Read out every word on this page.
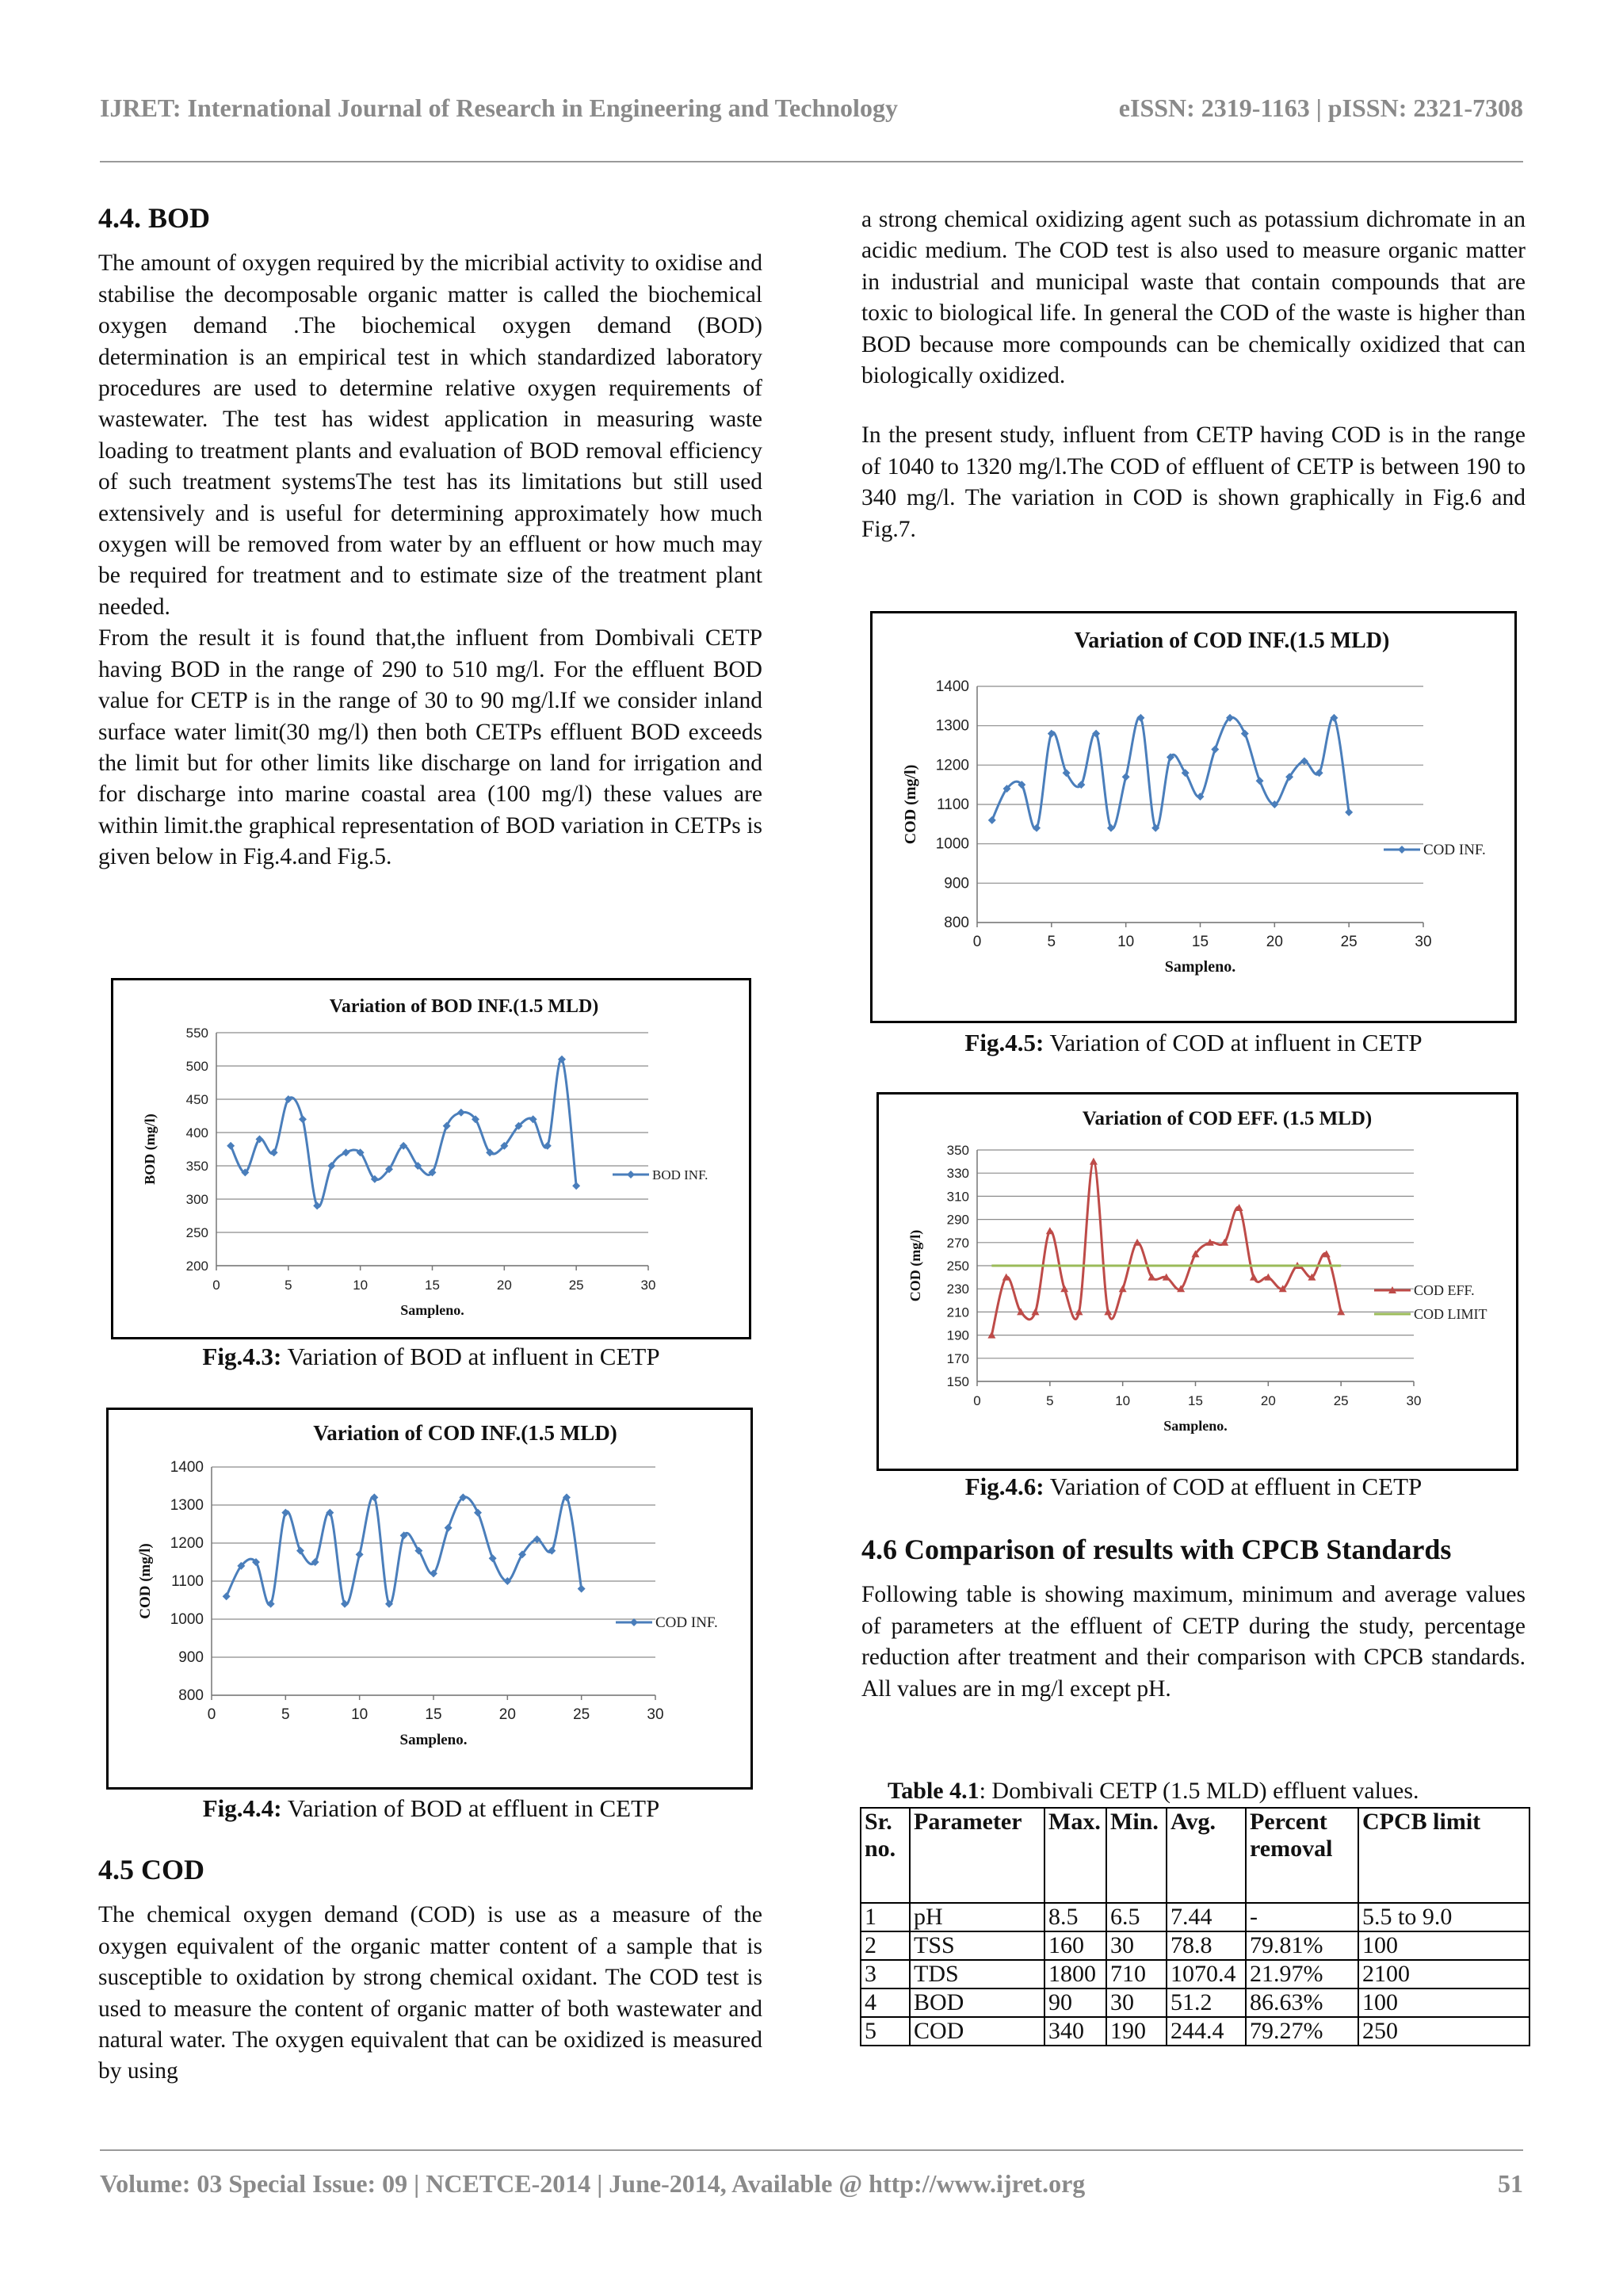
IJRET: International Journal of Research in Engineering and Technology	eISSN: 2319-1163 | pISSN: 2321-7308
4.4. BOD

The amount of oxygen required by the micribial activity to oxidise and stabilise the decomposable organic matter is called the biochemical oxygen demand .The biochemical oxygen demand (BOD) determination is an empirical test in which standardized laboratory procedures are used to determine relative oxygen requirements of wastewater. The test has widest application in measuring waste loading to treatment plants and evaluation of BOD removal efficiency of such treatment systemsThe test has its limitations but still used extensively and is useful for determining approximately how much oxygen will be removed from water by an effluent or how much may be required for treatment and to estimate size of the treatment plant needed.

From the result it is found that,the influent from Dombivali CETP having BOD in the range of 290 to 510 mg/l. For the effluent BOD value for CETP is in the range of 30 to 90 mg/l.If we consider inland surface water limit(30 mg/l) then both CETPs effluent BOD exceeds the limit but for other limits like discharge on land for irrigation and for discharge into marine coastal area (100 mg/l) these values are within limit.the graphical representation of BOD variation in CETPs is given below in Fig.4.and Fig.5.

Variation of BOD INF.(1.5 MLD)
200
250
300
350
400
450
500
550
0	5	10	15	20	25	30
Sampleno.
BOD (mg/l)	BOD INF.
Fig.4.3: Variation of BOD at influent in CETP
Variation of COD INF.(1.5 MLD)
800
900
1000
1100
1200
1300
1400
0	5	10	15	20	25	30
Sampleno.
COD (mg/l)
COD INF.
Fig.4.4: Variation of BOD at effluent in CETP
4.5 COD

The chemical oxygen demand (COD) is use as a measure of the oxygen equivalent of the organic matter content of a sample that is susceptible to oxidation by strong chemical oxidant. The COD test is used to measure the content of organic matter of both wastewater and natural water. The oxygen equivalent that can be oxidized is measured by using

a strong chemical oxidizing agent such as potassium dichromate in an acidic medium. The COD test is also used to measure organic matter in industrial and municipal waste that contain compounds that are toxic to biological life. In general the COD of the waste is higher than BOD because more compounds can be chemically oxidized that can biologically oxidized.

In the present study, influent from CETP having COD is in the range of 1040 to 1320 mg/l.The COD of effluent of CETP is between 190 to 340 mg/l. The variation in COD is shown graphically in Fig.6 and Fig.7.

Variation of COD INF.(1.5 MLD)
800
900
1000
1100
1200
1300
1400
0	5	10	15	20	25	30
Sampleno.
COD (mg/l)
COD INF.
Fig.4.5: Variation of COD at influent in CETP
Variation of COD EFF. (1.5 MLD)
150
170
190
210
230
250
270
290
310
330
350
0	5	10	15	20	25	30
Sampleno.
COD (mg/l)	COD EFF.
COD LIMIT
Fig.4.6: Variation of COD at effluent in CETP
4.6 Comparison of results with CPCB Standards

Following table is showing maximum, minimum and average values of parameters at the effluent of CETP during the study, percentage reduction after treatment and their comparison with CPCB standards. All values are in mg/l except pH.

Table 4.1: Dombivali CETP (1.5 MLD) effluent values.
Sr. no.	Parameter	Max.	Min.	Avg.	Percent removal	CPCB limit
1	pH	8.5	6.5	7.44	-	5.5 to 9.0
2	TSS	160	30	78.8	79.81%	100
3	TDS	1800	710	1070.4	21.97%	2100
4	BOD	90	30	51.2	86.63%	100
5	COD	340	190	244.4	79.27%	250
Volume: 03 Special Issue: 09 | NCETCE-2014 | June-2014, Available @ http://www.ijret.org	51
